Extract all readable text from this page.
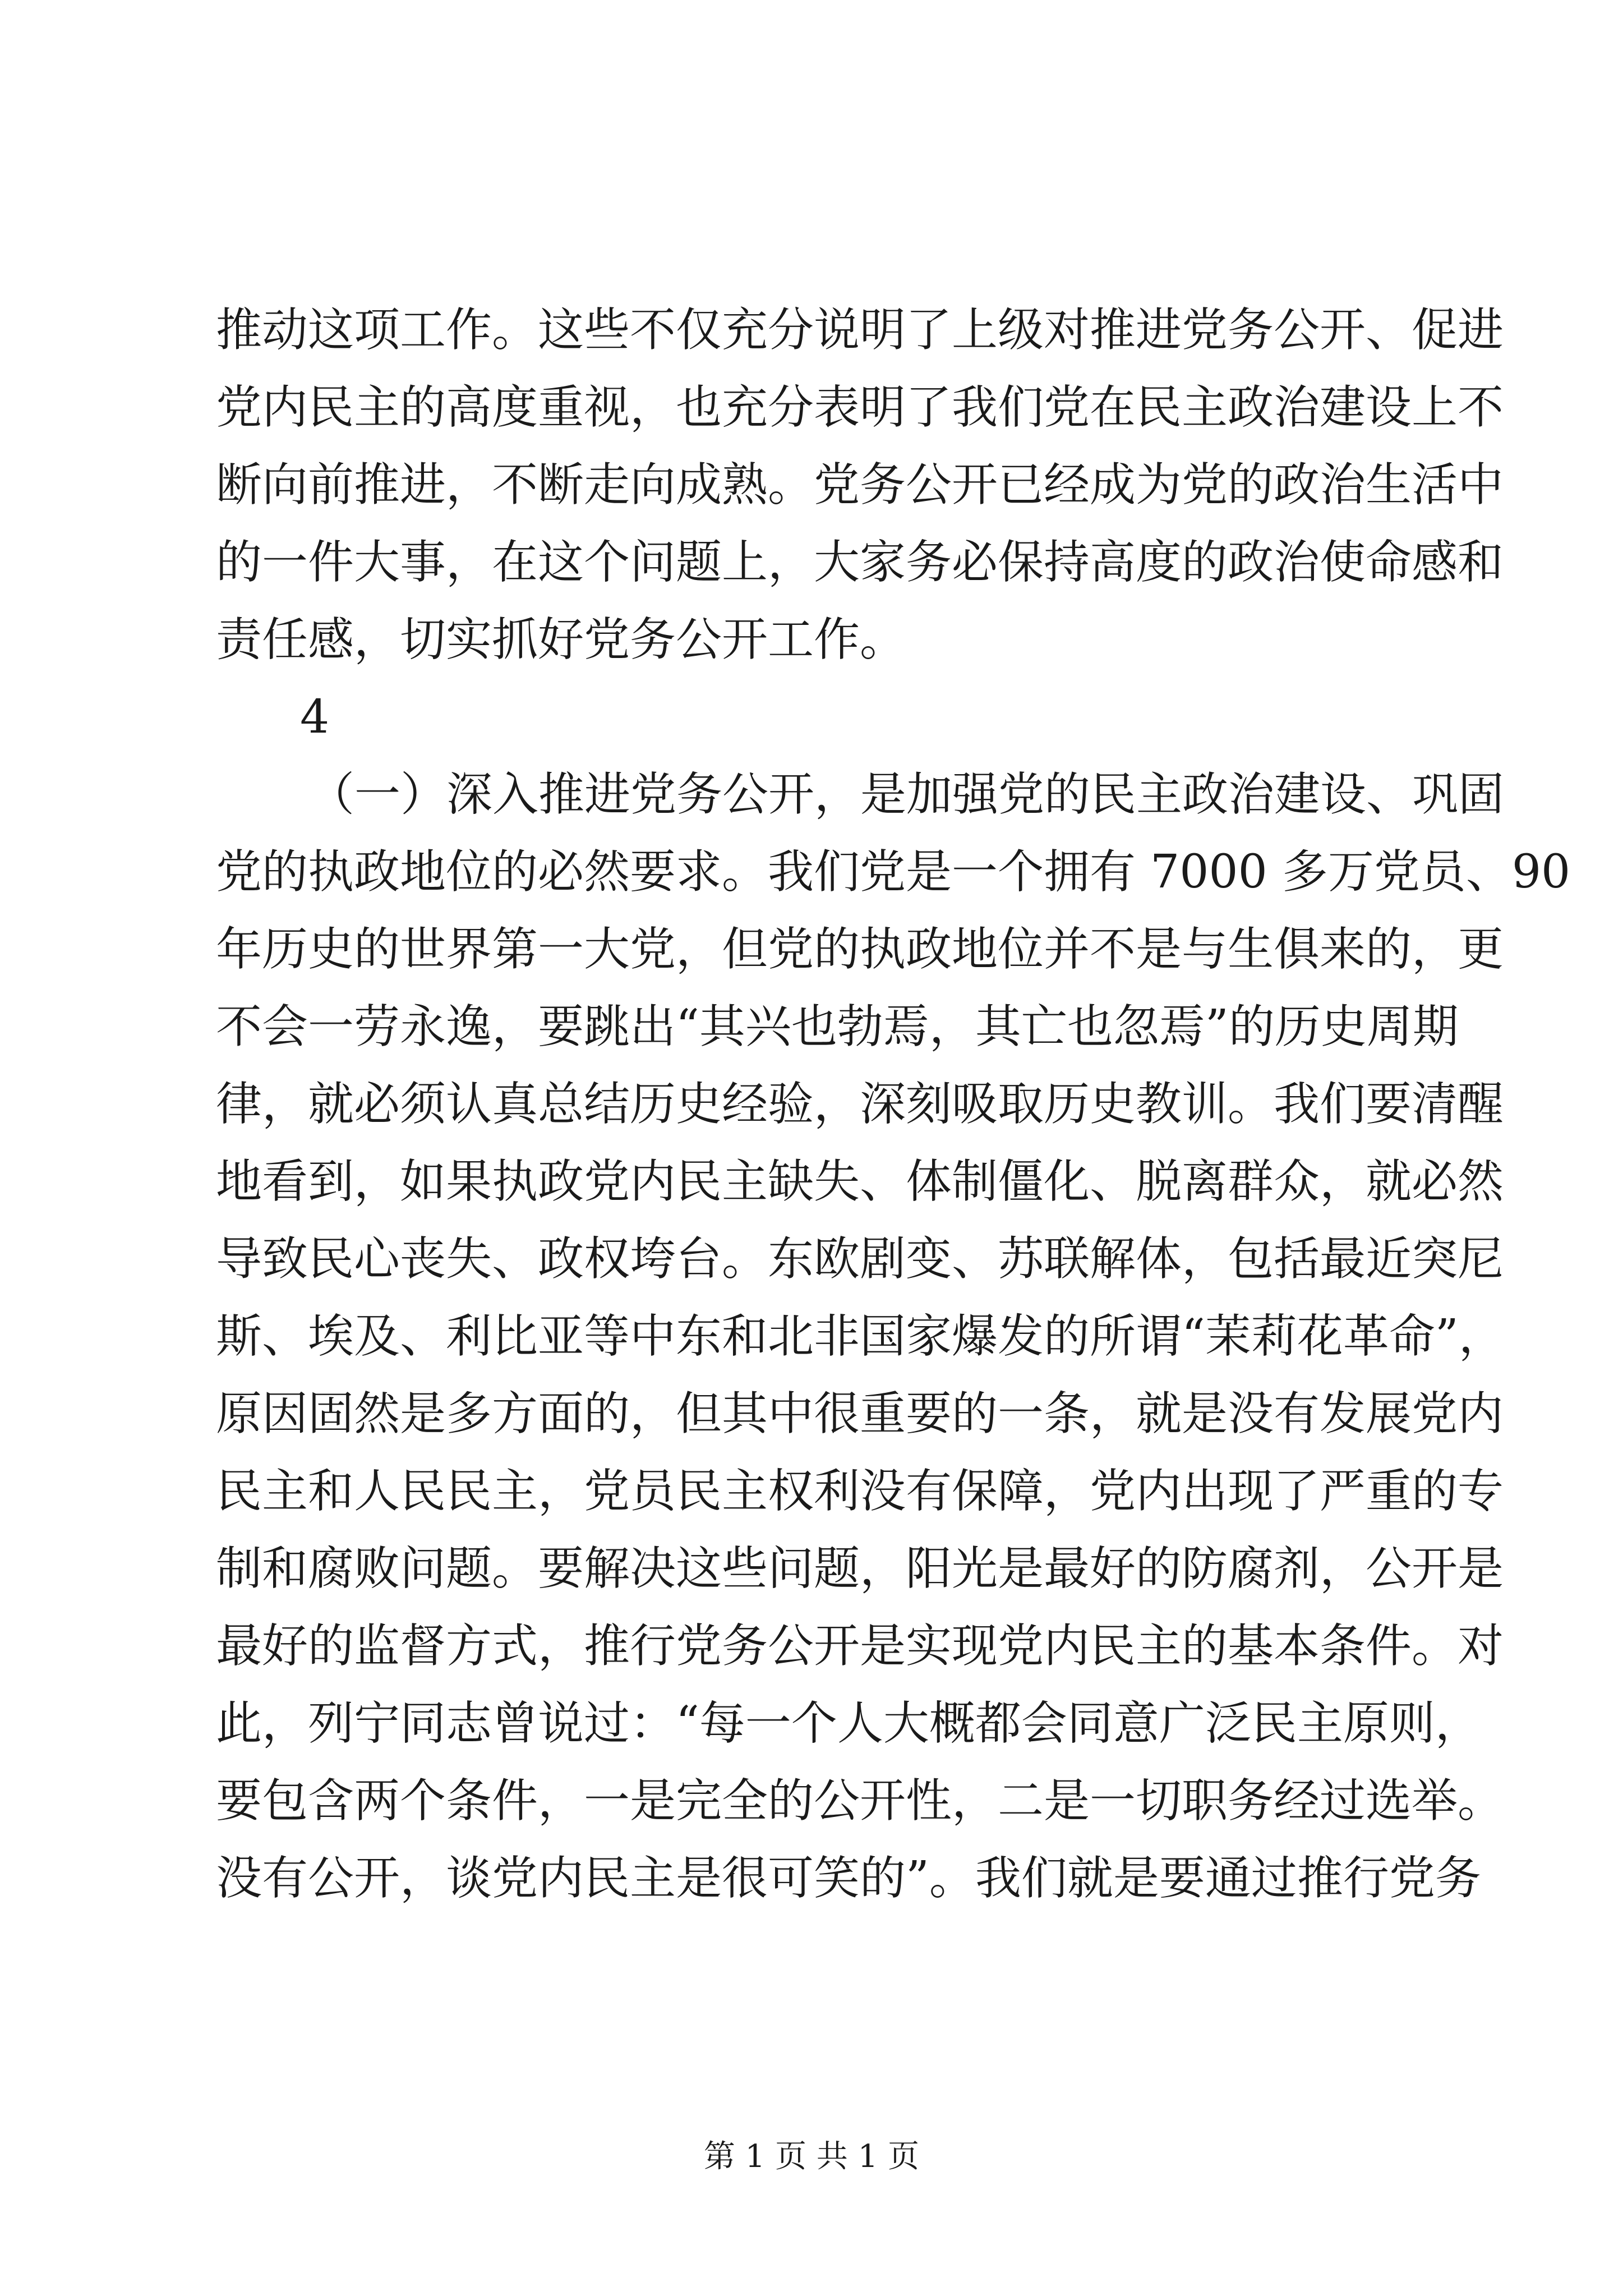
推动这项工作。这些不仅充分说明了上级对推进党务公开、促进
党内民主的高度重视，也充分表明了我们党在民主政治建设上不
断向前推进，不断走向成熟。党务公开已经成为党的政治生活中
的一件大事，在这个问题上，大家务必保持高度的政治使命感和
责任感，切实抓好党务公开工作。
4
（一）深入推进党务公开，是加强党的民主政治建设、巩固
党的执政地位的必然要求。我们党是一个拥有 7000 多万党员、90
年历史的世界第一大党，但党的执政地位并不是与生俱来的，更
不会一劳永逸，要跳出“其兴也勃焉，其亡也忽焉”的历史周期
律，就必须认真总结历史经验，深刻吸取历史教训。我们要清醒
地看到，如果执政党内民主缺失、体制僵化、脱离群众，就必然
导致民心丧失、政权垮台。东欧剧变、苏联解体，包括最近突尼
斯、埃及、利比亚等中东和北非国家爆发的所谓“茉莉花革命”，
原因固然是多方面的，但其中很重要的一条，就是没有发展党内
民主和人民民主，党员民主权利没有保障，党内出现了严重的专
制和腐败问题。要解决这些问题，阳光是最好的防腐剂，公开是
最好的监督方式，推行党务公开是实现党内民主的基本条件。对
此，列宁同志曾说过：“每一个人大概都会同意广泛民主原则，
要包含两个条件，一是完全的公开性，二是一切职务经过选举。
没有公开，谈党内民主是很可笑的”。我们就是要通过推行党务
第 1 页 共 1 页
